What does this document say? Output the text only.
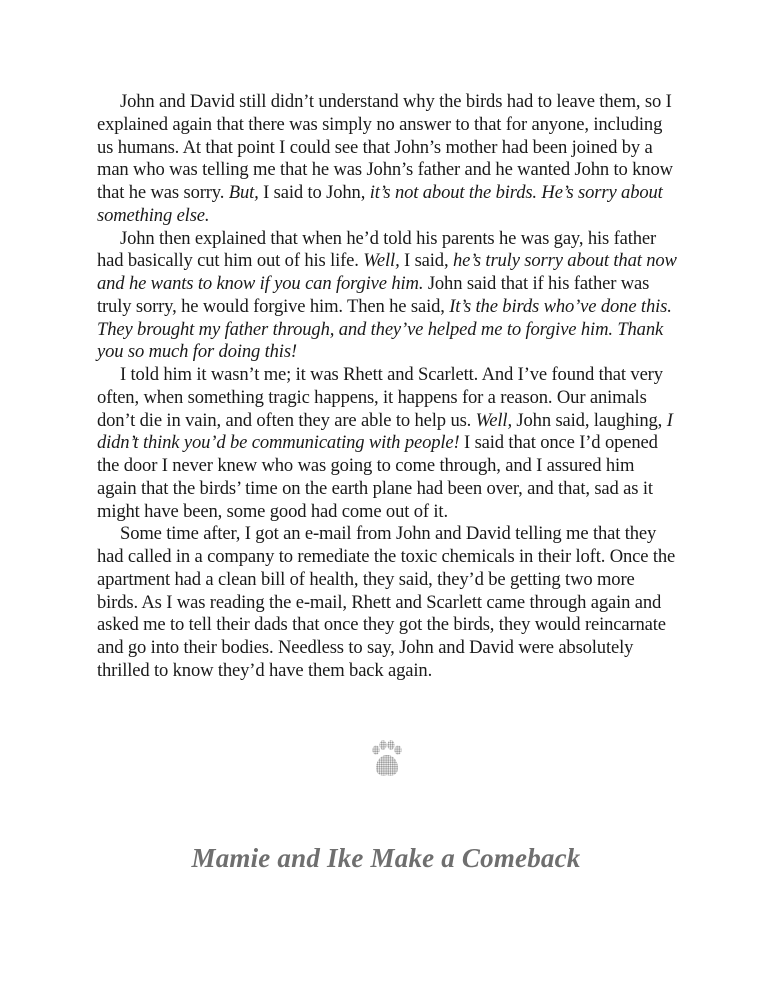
John and David still didn’t understand why the birds had to leave them, so I explained again that there was simply no answer to that for anyone, including us humans. At that point I could see that John’s mother had been joined by a man who was telling me that he was John’s father and he wanted John to know that he was sorry. But, I said to John, it’s not about the birds. He’s sorry about something else.

John then explained that when he’d told his parents he was gay, his father had basically cut him out of his life. Well, I said, he’s truly sorry about that now and he wants to know if you can forgive him. John said that if his father was truly sorry, he would forgive him. Then he said, It’s the birds who’ve done this. They brought my father through, and they’ve helped me to forgive him. Thank you so much for doing this!

I told him it wasn’t me; it was Rhett and Scarlett. And I’ve found that very often, when something tragic happens, it happens for a reason. Our animals don’t die in vain, and often they are able to help us. Well, John said, laughing, I didn’t think you’d be communicating with people! I said that once I’d opened the door I never knew who was going to come through, and I assured him again that the birds’ time on the earth plane had been over, and that, sad as it might have been, some good had come out of it.

Some time after, I got an e-mail from John and David telling me that they had called in a company to remediate the toxic chemicals in their loft. Once the apartment had a clean bill of health, they said, they’d be getting two more birds. As I was reading the e-mail, Rhett and Scarlett came through again and asked me to tell their dads that once they got the birds, they would reincarnate and go into their bodies. Needless to say, John and David were absolutely thrilled to know they’d have them back again.

Mamie and Ike Make a Comeback
